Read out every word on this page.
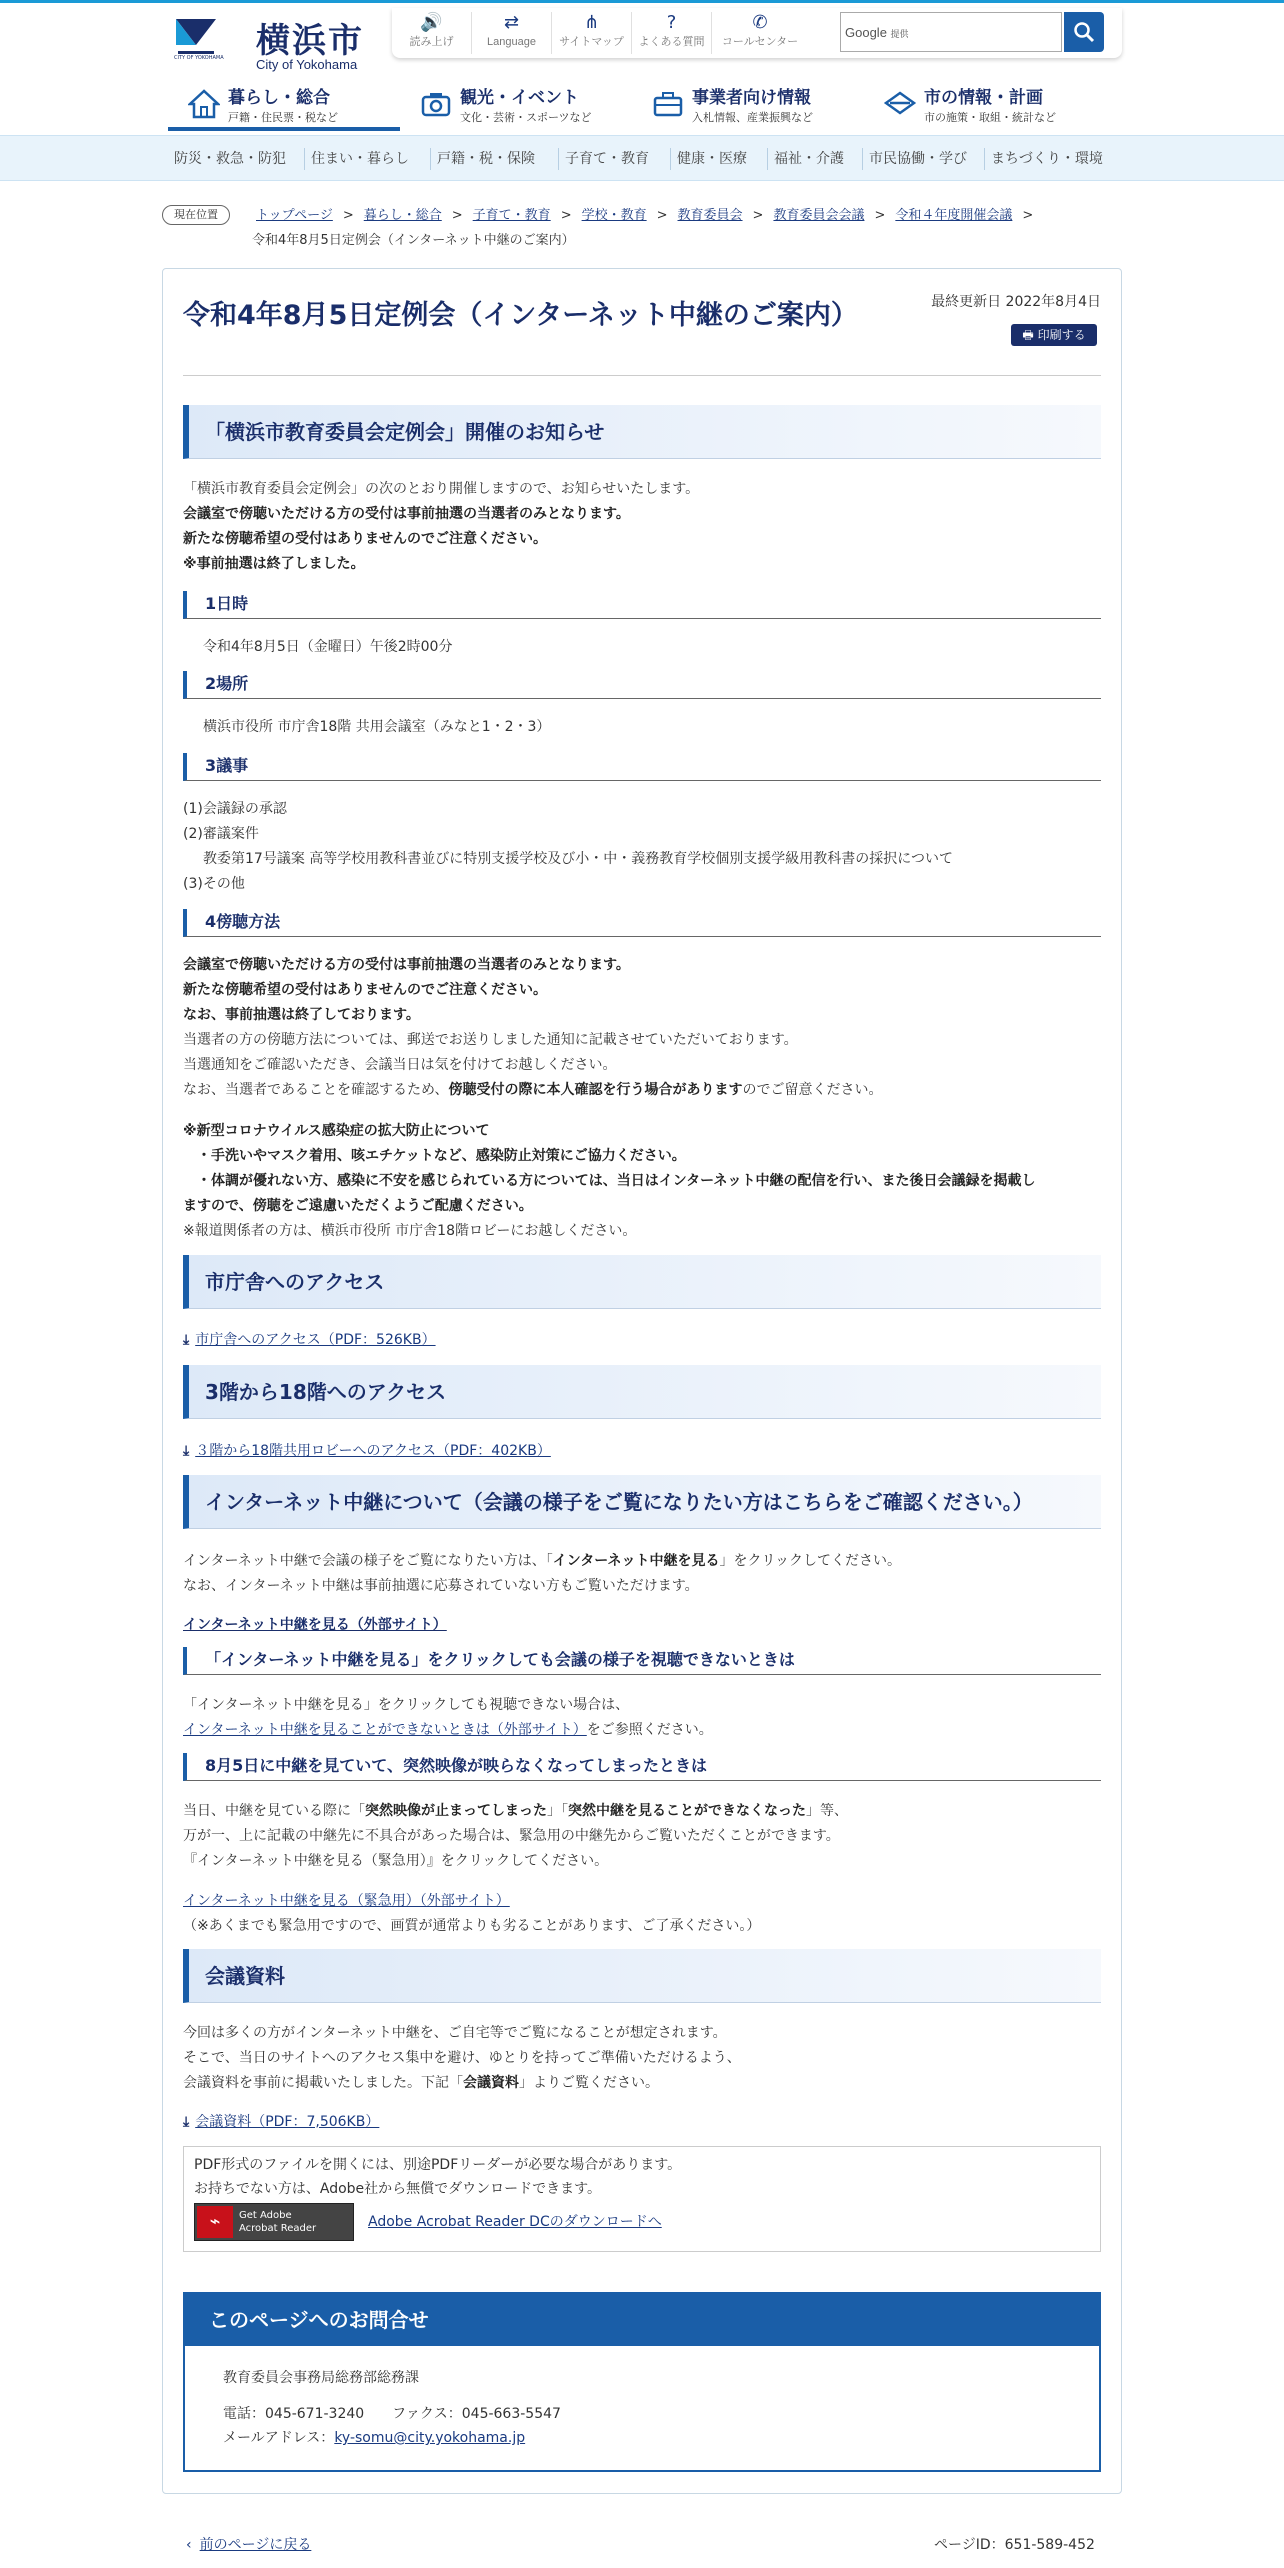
CITY OF YOKOHAMA 横浜市
City of Yokohama
🔊
読み上げ
⇄
Language
⋔
サイトマップ
?
よくある質問
✆
コールセンター
Google 提供
暮らし・総合
戸籍・住民票・税など
観光・イベント
文化・芸術・スポーツなど
事業者向け情報
入札情報、産業振興など
市の情報・計画
市の施策・取組・統計など
防災・救急・防犯	住まい・暮らし	戸籍・税・保険	子育て・教育	健康・医療	福祉・介護	市民協働・学び	まちづくり・環境
現在位置	トップページ > 暮らし・総合 > 子育て・教育 > 学校・教育 > 教育委員会 > 教育委員会会議 > 令和４年度開催会議 >
令和4年8月5日定例会（インターネット中継のご案内）
令和4年8月5日定例会（インターネット中継のご案内）	最終更新日 2022年8月4日
🖶 印刷する
「横浜市教育委員会定例会」開催のお知らせ
「横浜市教育委員会定例会」の次のとおり開催しますので、お知らせいたします。
会議室で傍聴いただける方の受付は事前抽選の当選者のみとなります。
新たな傍聴希望の受付はありませんのでご注意ください。
※事前抽選は終了しました。
1日時
令和4年8月5日（金曜日）午後2時00分
2場所
横浜市役所 市庁舎18階 共用会議室（みなと1・2・3）
3議事
(1)会議録の承認
(2)審議案件
教委第17号議案 高等学校用教科書並びに特別支援学校及び小・中・義務教育学校個別支援学級用教科書の採択について
(3)その他
4傍聴方法
会議室で傍聴いただける方の受付は事前抽選の当選者のみとなります。
新たな傍聴希望の受付はありませんのでご注意ください。
なお、事前抽選は終了しております。
当選者の方の傍聴方法については、郵送でお送りしました通知に記載させていただいております。
当選通知をご確認いただき、会議当日は気を付けてお越しください。
なお、当選者であることを確認するため、傍聴受付の際に本人確認を行う場合がありますのでご留意ください。
※新型コロナウイルス感染症の拡大防止について
・手洗いやマスク着用、咳エチケットなど、感染防止対策にご協力ください。
・体調が優れない方、感染に不安を感じられている方については、当日はインターネット中継の配信を行い、また後日会議録を掲載し
ますので、傍聴をご遠慮いただくようご配慮ください。
※報道関係者の方は、横浜市役所 市庁舎18階ロビーにお越しください。
市庁舎へのアクセス
⤓ 市庁舎へのアクセス（PDF：526KB）
3階から18階へのアクセス
⤓ ３階から18階共用ロビーへのアクセス（PDF：402KB）
インターネット中継について（会議の様子をご覧になりたい方はこちらをご確認ください。）
インターネット中継で会議の様子をご覧になりたい方は、「インターネット中継を見る」をクリックしてください。
なお、インターネット中継は事前抽選に応募されていない方もご覧いただけます。
インターネット中継を見る（外部サイト）
「インターネット中継を見る」をクリックしても会議の様子を視聴できないときは
「インターネット中継を見る」をクリックしても視聴できない場合は、
インターネット中継を見ることができないときは（外部サイト）をご参照ください。
8月5日に中継を見ていて、突然映像が映らなくなってしまったときは
当日、中継を見ている際に「突然映像が止まってしまった」「突然中継を見ることができなくなった」等、
万が一、上に記載の中継先に不具合があった場合は、緊急用の中継先からご覧いただくことができます。
『インターネット中継を見る（緊急用）』をクリックしてください。
インターネット中継を見る（緊急用）（外部サイト）
（※あくまでも緊急用ですので、画質が通常よりも劣ることがあります、ご了承ください。）
会議資料
今回は多くの方がインターネット中継を、ご自宅等でご覧になることが想定されます。
そこで、当日のサイトへのアクセス集中を避け、ゆとりを持ってご準備いただけるよう、
会議資料を事前に掲載いたしました。下記「会議資料」よりご覧ください。
⤓ 会議資料（PDF：7,506KB）
PDF形式のファイルを開くには、別途PDFリーダーが必要な場合があります。
お持ちでない方は、Adobe社から無償でダウンロードできます。
⌁	Get Adobe
Acrobat Reader	Adobe Acrobat Reader DCのダウンロードへ
このページへのお問合せ
教育委員会事務局総務部総務課
電話：045-671-3240　　ファクス：045-663-5547
メールアドレス：ky-somu@city.yokohama.jp
‹ 前のページに戻る	ページID：651-589-452
